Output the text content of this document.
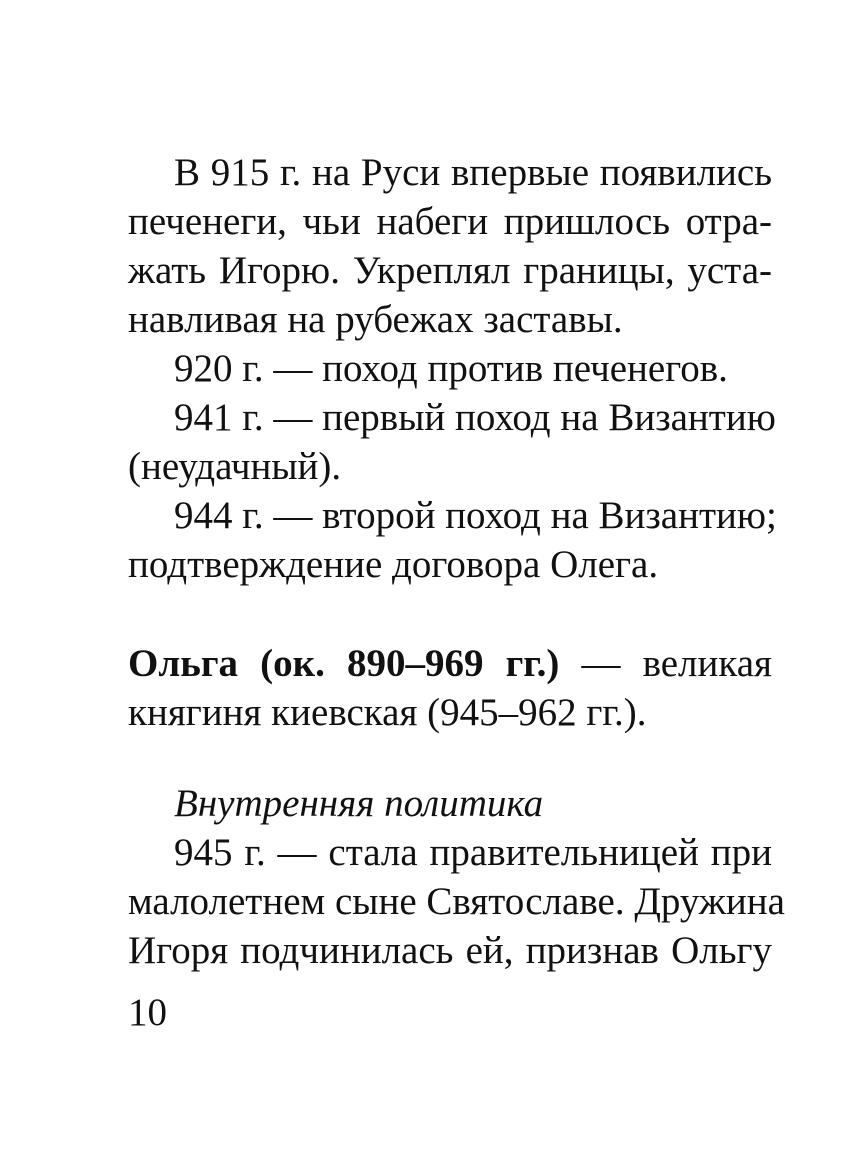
В 915 г. на Руси впервые появились
печенеги, чьи набеги пришлось отра-
жать Игорю. Укреплял границы, уста-
навливая на рубежах заставы.
920 г. — поход против печенегов.
941 г. — первый поход на Византию
(неудачный).
944 г. — второй поход на Византию;
подтверждение договора Олега.
Ольга (ок. 890–969 гг.) — великая
княгиня киевская (945–962 гг.).
Внутренняя политика
945 г. — стала правительницей при
малолетнем сыне Святославе. Дружина
Игоря подчинилась ей, признав Ольгу
10
